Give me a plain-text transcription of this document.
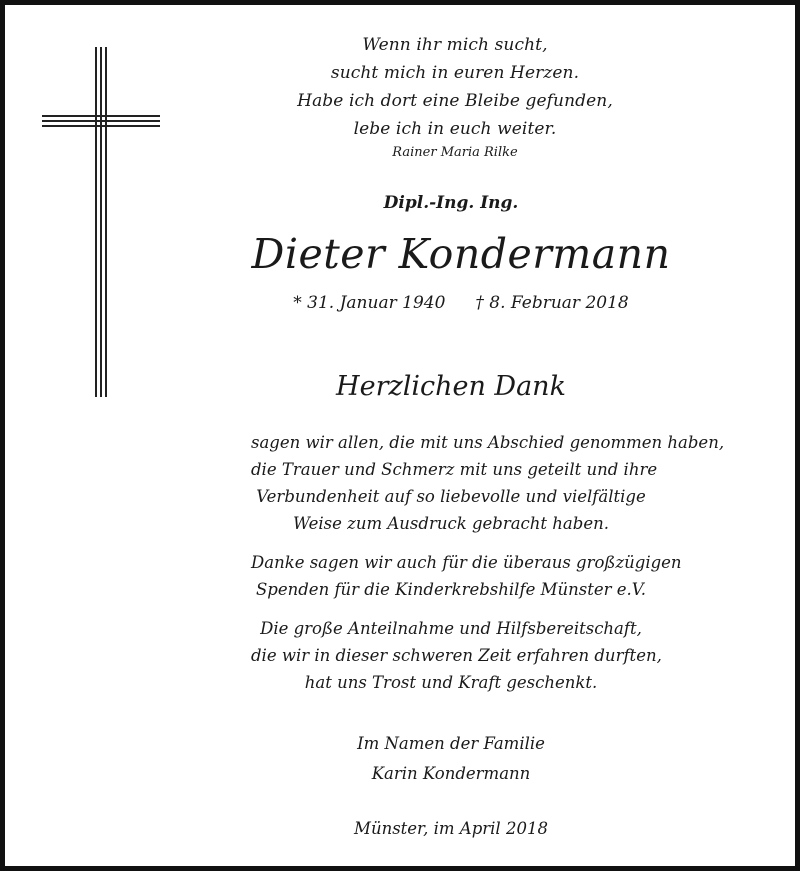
Wenn ihr mich sucht,
sucht mich in euren Herzen.
Habe ich dort eine Bleibe gefunden,
lebe ich in euch weiter.
Rainer Maria Rilke
Dipl.-Ing. Ing.
Dieter Kondermann
* 31. Januar 1940 † 8. Februar 2018
Herzlichen Dank
sagen wir allen, die mit uns Abschied genommen haben,
die Trauer und Schmerz mit uns geteilt und ihre
Verbundenheit auf so liebevolle und vielfältige
Weise zum Ausdruck gebracht haben.
Danke sagen wir auch für die überaus großzügigen
Spenden für die Kinderkrebshilfe Münster e.V.
Die große Anteilnahme und Hilfsbereitschaft,
die wir in dieser schweren Zeit erfahren durften,
hat uns Trost und Kraft geschenkt.
Im Namen der Familie
Karin Kondermann
Münster, im April 2018
